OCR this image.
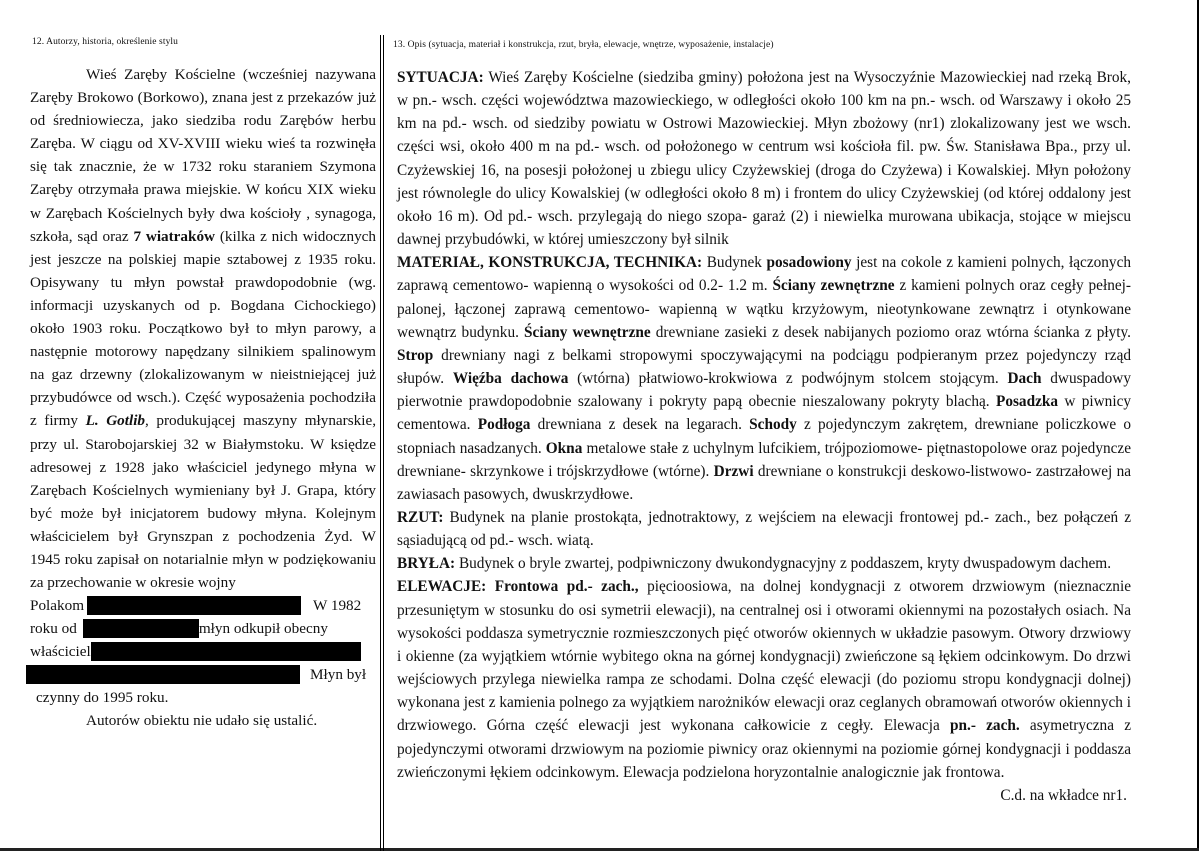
12. Autorzy, historia, określenie stylu	13. Opis (sytuacja, materiał i konstrukcja, rzut, bryła, elewacje, wnętrze, wyposażenie, instalacje)

Wieś Zaręby Kościelne (wcześniej nazywana Zaręby Brokowo (Borkowo), znana jest z przekazów już od średniowiecza, jako siedziba rodu Zarębów herbu Zaręba. W ciągu od XV-XVIII wieku wieś ta rozwinęła się tak znacznie, że w 1732 roku staraniem Szymona Zaręby otrzymała prawa miejskie. W końcu XIX wieku w Zarębach Kościelnych były dwa kościoły , synagoga, szkoła, sąd oraz 7 wiatraków (kilka z nich widocznych jest jeszcze na polskiej mapie sztabowej z 1935 roku. Opisywany tu młyn powstał prawdopodobnie (wg. informacji uzyskanych od p. Bogdana Cichockiego) około 1903 roku. Początkowo był to młyn parowy, a następnie motorowy napędzany silnikiem spalinowym na gaz drzewny (zlokalizowanym w nieistniejącej już przybudówce od wsch.). Część wyposażenia pochodziła z firmy L. Gotlib, produkującej maszyny młynarskie, przy ul. Starobojarskiej 32 w Białymstoku. W księdze adresowej z 1928 jako właściciel jedynego młyna w Zarębach Kościelnych wymieniany był J. Grapa, który być może był inicjatorem budowy młyna. Kolejnym właścicielem był Grynszpan z pochodzenia Żyd. W 1945 roku zapisał on notarialnie młyn w podziękowaniu za przechowanie w okresie wojny

Polakom	W 1982
roku od	młyn odkupił obecny
właściciel
Młyn był

czynny do 1995 roku.

Autorów obiektu nie udało się ustalić.

SYTUACJA: Wieś Zaręby Kościelne (siedziba gminy) położona jest na Wysoczyźnie Mazowieckiej nad rzeką Brok, w pn.- wsch. części województwa mazowieckiego, w odległości około 100 km na pn.- wsch. od Warszawy i około 25 km na pd.- wsch. od siedziby powiatu w Ostrowi Mazowieckiej. Młyn zbożowy (nr1) zlokalizowany jest we wsch. części wsi, około 400 m na pd.- wsch. od położonego w centrum wsi kościoła fil. pw. Św. Stanisława Bpa., przy ul. Czyżewskiej 16, na posesji położonej u zbiegu ulicy Czyżewskiej (droga do Czyżewa) i Kowalskiej. Młyn położony jest równolegle do ulicy Kowalskiej (w odległości około 8 m) i frontem do ulicy Czyżewskiej (od której oddalony jest około 16 m). Od pd.- wsch. przylegają do niego szopa- garaż (2) i niewielka murowana ubikacja, stojące w miejscu dawnej przybudówki, w której umieszczony był silnik

MATERIAŁ, KONSTRUKCJA, TECHNIKA: Budynek posadowiony jest na cokole z kamieni polnych, łączonych zaprawą cementowo- wapienną o wysokości od 0.2- 1.2 m. Ściany zewnętrzne z kamieni polnych oraz cegły pełnej- palonej, łączonej zaprawą cementowo- wapienną w wątku krzyżowym, nieotynkowane zewnątrz i otynkowane wewnątrz budynku. Ściany wewnętrzne drewniane zasieki z desek nabijanych poziomo oraz wtórna ścianka z płyty. Strop drewniany nagi z belkami stropowymi spoczywającymi na podciągu podpieranym przez pojedynczy rząd słupów. Więźba dachowa (wtórna) płatwiowo-krokwiowa z podwójnym stolcem stojącym. Dach dwuspadowy pierwotnie prawdopodobnie szalowany i pokryty papą obecnie nieszalowany pokryty blachą. Posadzka w piwnicy cementowa. Podłoga drewniana z desek na legarach. Schody z pojedynczym zakrętem, drewniane policzkowe o stopniach nasadzanych. Okna metalowe stałe z uchylnym lufcikiem, trójpoziomowe- piętnastopolowe oraz pojedyncze drewniane- skrzynkowe i trójskrzydłowe (wtórne). Drzwi drewniane o konstrukcji deskowo-listwowo- zastrzałowej na zawiasach pasowych, dwuskrzydłowe.

RZUT: Budynek na planie prostokąta, jednotraktowy, z wejściem na elewacji frontowej pd.- zach., bez połączeń z sąsiadującą od pd.- wsch. wiatą.

BRYŁA: Budynek o bryle zwartej, podpiwniczony dwukondygnacyjny z poddaszem, kryty dwuspadowym dachem.

ELEWACJE: Frontowa pd.- zach., pięcioosiowa, na dolnej kondygnacji z otworem drzwiowym (nieznacznie przesuniętym w stosunku do osi symetrii elewacji), na centralnej osi i otworami okiennymi na pozostałych osiach. Na wysokości poddasza symetrycznie rozmieszczonych pięć otworów okiennych w układzie pasowym. Otwory drzwiowy i okienne (za wyjątkiem wtórnie wybitego okna na górnej kondygnacji) zwieńczone są łękiem odcinkowym. Do drzwi wejściowych przylega niewielka rampa ze schodami. Dolna część elewacji (do poziomu stropu kondygnacji dolnej) wykonana jest z kamienia polnego za wyjątkiem narożników elewacji oraz ceglanych obramowań otworów okiennych i drzwiowego. Górna część elewacji jest wykonana całkowicie z cegły. Elewacja pn.- zach. asymetryczna z pojedynczymi otworami drzwiowym na poziomie piwnicy oraz okiennymi na poziomie górnej kondygnacji i poddasza zwieńczonymi łękiem odcinkowym. Elewacja podzielona horyzontalnie analogicznie jak frontowa.

C.d. na wkładce nr1.
